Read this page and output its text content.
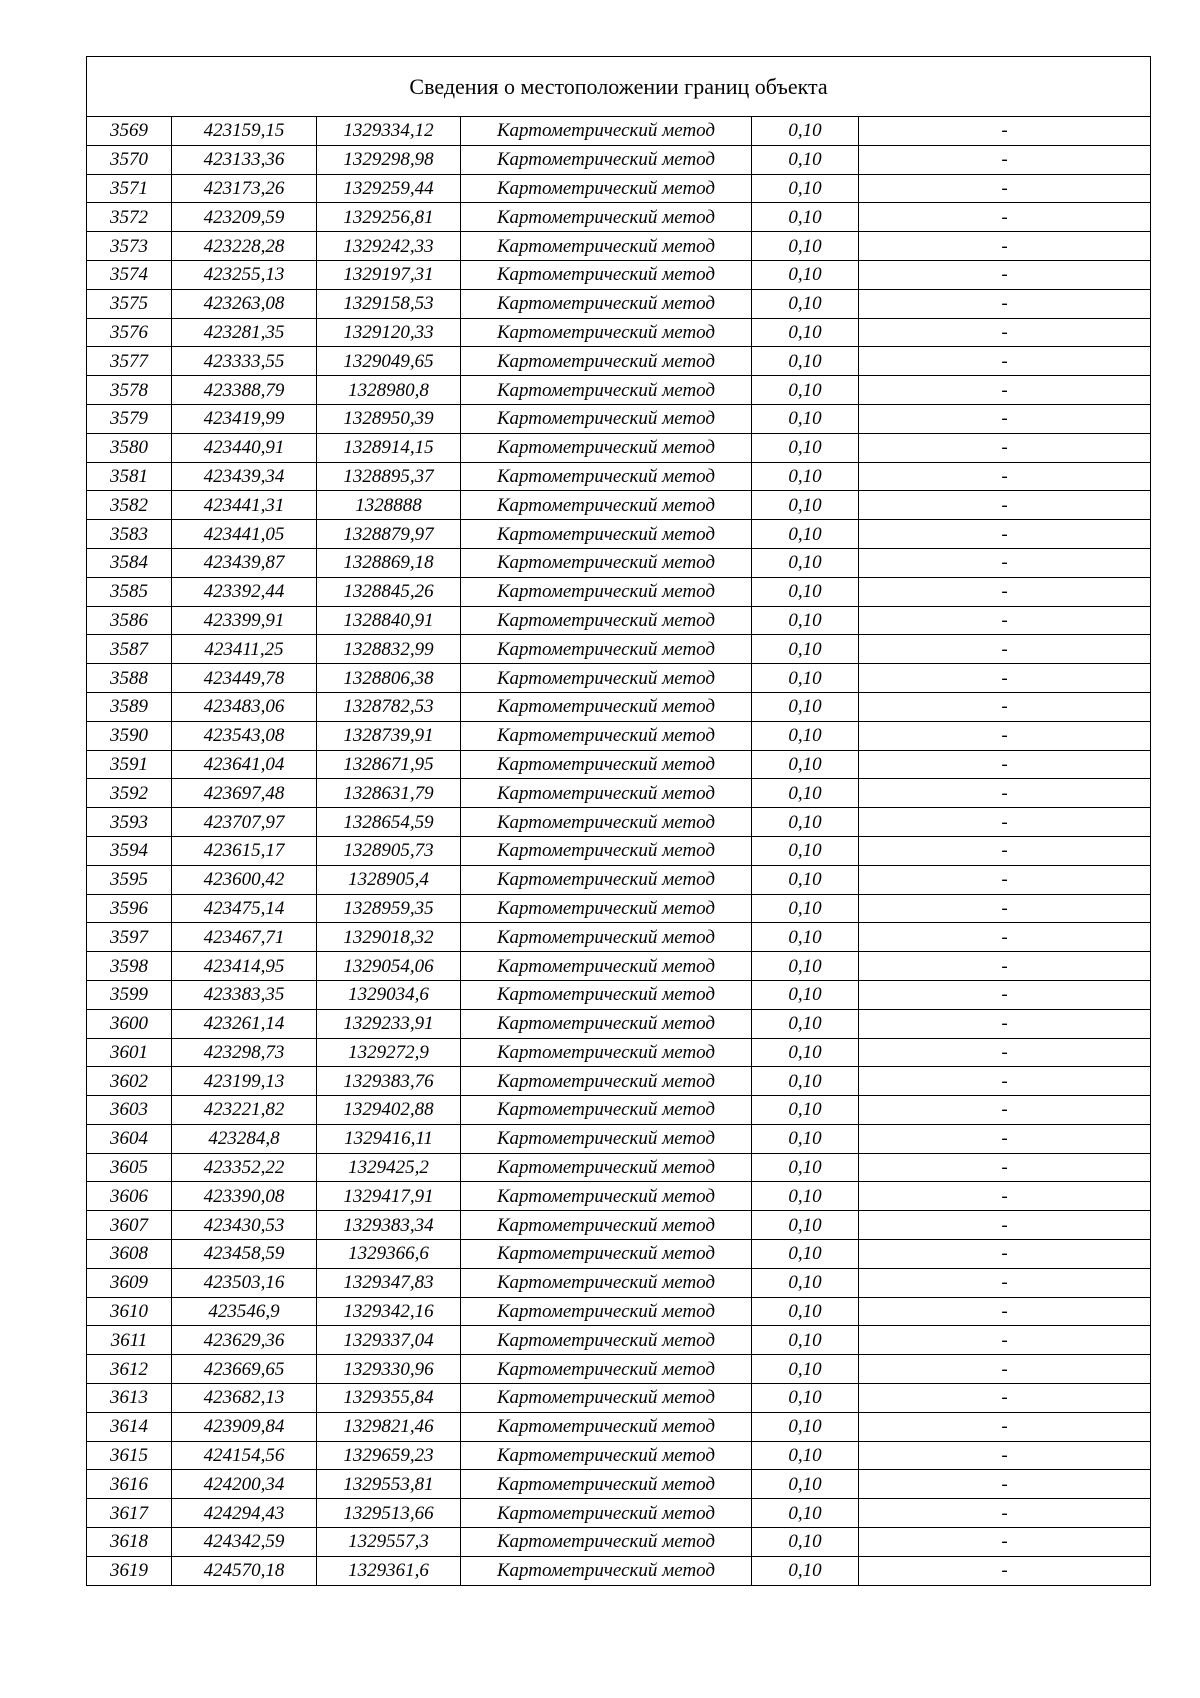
Сведения о местоположении границ объекта					
3569	423159,15	1329334,12	Картометрический метод	0,10	-
3570	423133,36	1329298,98	Картометрический метод	0,10	-
3571	423173,26	1329259,44	Картометрический метод	0,10	-
3572	423209,59	1329256,81	Картометрический метод	0,10	-
3573	423228,28	1329242,33	Картометрический метод	0,10	-
3574	423255,13	1329197,31	Картометрический метод	0,10	-
3575	423263,08	1329158,53	Картометрический метод	0,10	-
3576	423281,35	1329120,33	Картометрический метод	0,10	-
3577	423333,55	1329049,65	Картометрический метод	0,10	-
3578	423388,79	1328980,8	Картометрический метод	0,10	-
3579	423419,99	1328950,39	Картометрический метод	0,10	-
3580	423440,91	1328914,15	Картометрический метод	0,10	-
3581	423439,34	1328895,37	Картометрический метод	0,10	-
3582	423441,31	1328888	Картометрический метод	0,10	-
3583	423441,05	1328879,97	Картометрический метод	0,10	-
3584	423439,87	1328869,18	Картометрический метод	0,10	-
3585	423392,44	1328845,26	Картометрический метод	0,10	-
3586	423399,91	1328840,91	Картометрический метод	0,10	-
3587	423411,25	1328832,99	Картометрический метод	0,10	-
3588	423449,78	1328806,38	Картометрический метод	0,10	-
3589	423483,06	1328782,53	Картометрический метод	0,10	-
3590	423543,08	1328739,91	Картометрический метод	0,10	-
3591	423641,04	1328671,95	Картометрический метод	0,10	-
3592	423697,48	1328631,79	Картометрический метод	0,10	-
3593	423707,97	1328654,59	Картометрический метод	0,10	-
3594	423615,17	1328905,73	Картометрический метод	0,10	-
3595	423600,42	1328905,4	Картометрический метод	0,10	-
3596	423475,14	1328959,35	Картометрический метод	0,10	-
3597	423467,71	1329018,32	Картометрический метод	0,10	-
3598	423414,95	1329054,06	Картометрический метод	0,10	-
3599	423383,35	1329034,6	Картометрический метод	0,10	-
3600	423261,14	1329233,91	Картометрический метод	0,10	-
3601	423298,73	1329272,9	Картометрический метод	0,10	-
3602	423199,13	1329383,76	Картометрический метод	0,10	-
3603	423221,82	1329402,88	Картометрический метод	0,10	-
3604	423284,8	1329416,11	Картометрический метод	0,10	-
3605	423352,22	1329425,2	Картометрический метод	0,10	-
3606	423390,08	1329417,91	Картометрический метод	0,10	-
3607	423430,53	1329383,34	Картометрический метод	0,10	-
3608	423458,59	1329366,6	Картометрический метод	0,10	-
3609	423503,16	1329347,83	Картометрический метод	0,10	-
3610	423546,9	1329342,16	Картометрический метод	0,10	-
3611	423629,36	1329337,04	Картометрический метод	0,10	-
3612	423669,65	1329330,96	Картометрический метод	0,10	-
3613	423682,13	1329355,84	Картометрический метод	0,10	-
3614	423909,84	1329821,46	Картометрический метод	0,10	-
3615	424154,56	1329659,23	Картометрический метод	0,10	-
3616	424200,34	1329553,81	Картометрический метод	0,10	-
3617	424294,43	1329513,66	Картометрический метод	0,10	-
3618	424342,59	1329557,3	Картометрический метод	0,10	-
3619	424570,18	1329361,6	Картометрический метод	0,10	-
